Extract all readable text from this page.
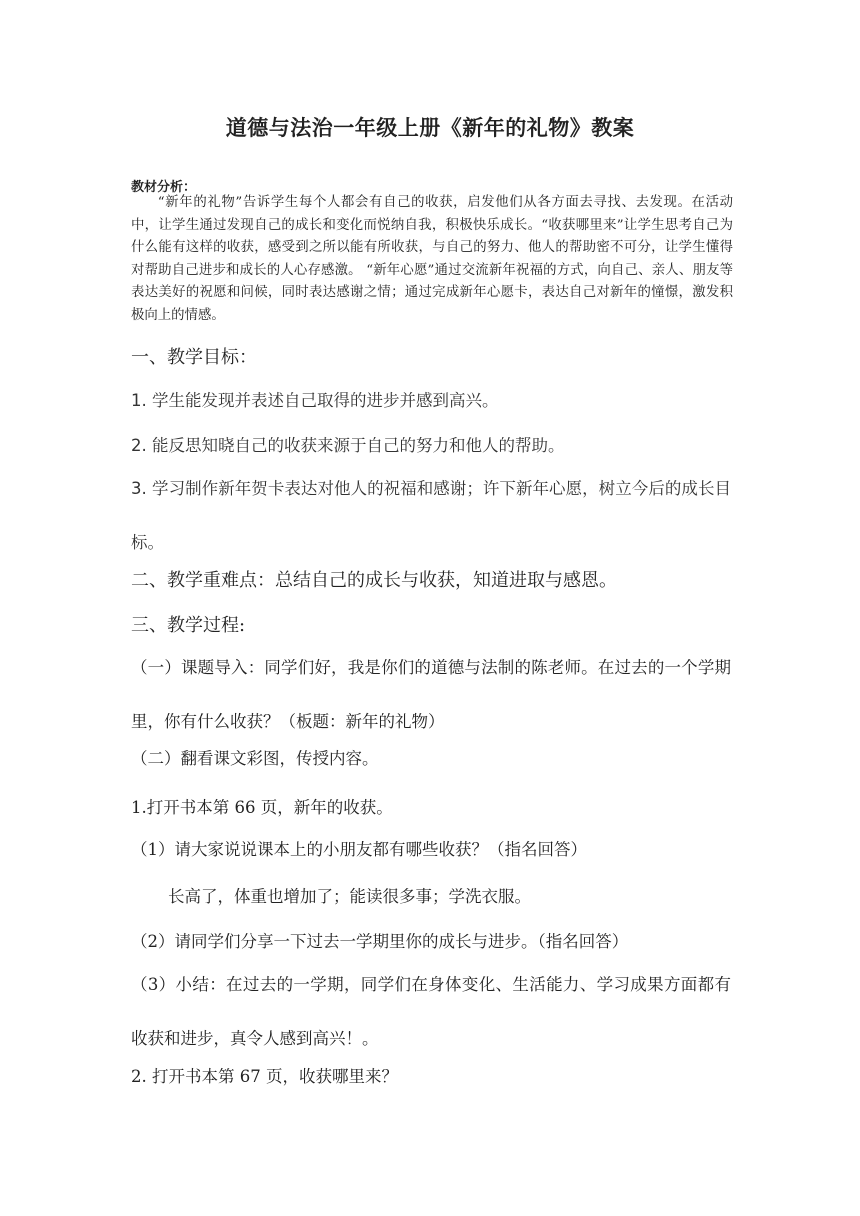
道德与法治一年级上册《新年的礼物》教案
教材分析：
“新年的礼物”告诉学生每个人都会有自己的收获，启发他们从各方面去寻找、去发现。在活动中，让学生通过发现自己的成长和变化而悦纳自我，积极快乐成长。“收获哪里来”让学生思考自己为什么能有这样的收获，感受到之所以能有所收获，与自己的努力、他人的帮助密不可分，让学生懂得对帮助自己进步和成长的人心存感激。 “新年心愿”通过交流新年祝福的方式，向自己、亲人、朋友等表达美好的祝愿和问候，同时表达感谢之情；通过完成新年心愿卡，表达自己对新年的憧憬，激发积极向上的情感。
一、教学目标：
1. 学生能发现并表述自己取得的进步并感到高兴。
2. 能反思知晓自己的收获来源于自己的努力和他人的帮助。
3. 学习制作新年贺卡表达对他人的祝福和感谢；许下新年心愿，树立今后的成长目标。
二、教学重难点：总结自己的成长与收获，知道进取与感恩。
三、教学过程:
（一）课题导入：同学们好，我是你们的道德与法制的陈老师。在过去的一个学期里，你有什么收获？（板题：新年的礼物）
（二）翻看课文彩图，传授内容。
1.打开书本第 66 页，新年的收获。
（1）请大家说说课本上的小朋友都有哪些收获？（指名回答）
长高了，体重也增加了；能读很多事；学洗衣服。
（2）请同学们分享一下过去一学期里你的成长与进步。（指名回答）
（3）小结：在过去的一学期，同学们在身体变化、生活能力、学习成果方面都有收获和进步，真令人感到高兴！。
2. 打开书本第 67 页，收获哪里来？
